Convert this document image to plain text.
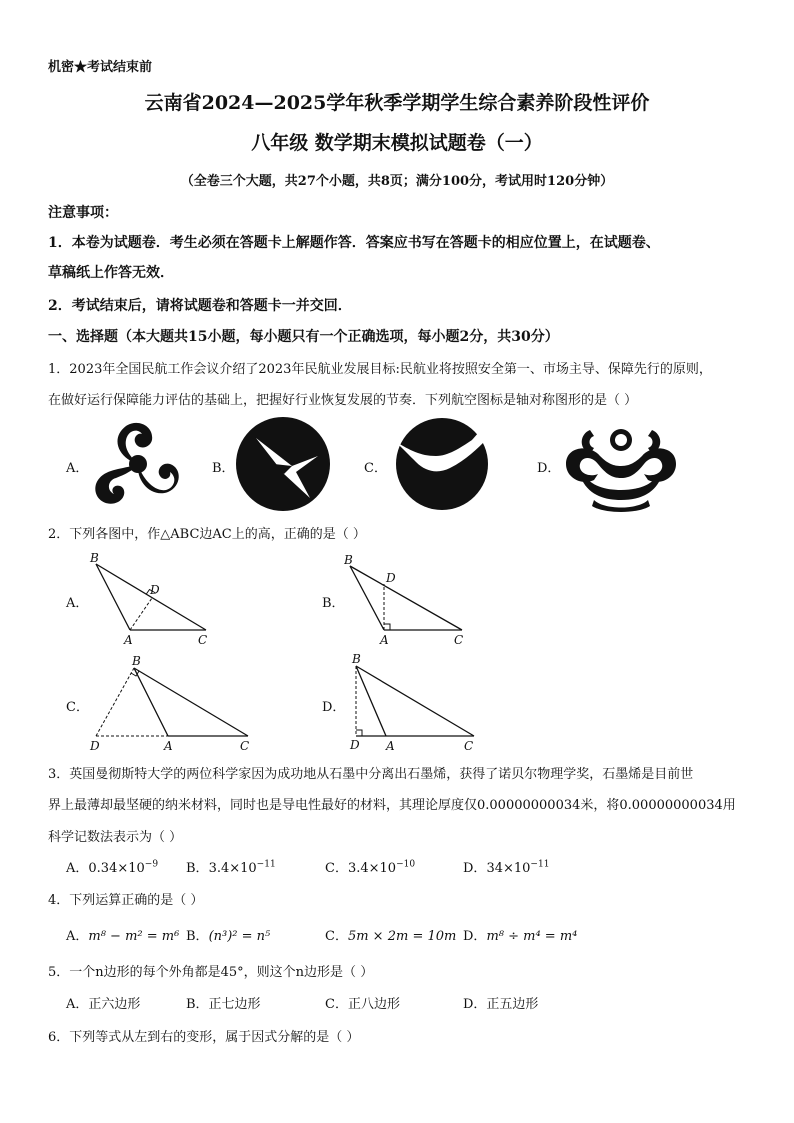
机密★考试结束前
云南省2024—2025学年秋季学期学生综合素养阶段性评价
八年级 数学期末模拟试题卷（一）
（全卷三个大题，共27个小题，共8页；满分100分，考试用时120分钟）
注意事项：
1．本卷为试题卷．考生必须在答题卡上解题作答．答案应书写在答题卡的相应位置上，在试题卷、
草稿纸上作答无效．
2．考试结束后，请将试题卷和答题卡一并交回．
一、选择题（本大题共15小题，每小题只有一个正确选项，每小题2分，共30分）
1．2023年全国民航工作会议介绍了2023年民航业发展目标:民航业将按照安全第一、市场主导、保障先行的原则，
在做好运行保障能力评估的基础上，把握好行业恢复发展的节奏．下列航空图标是轴对称图形的是（ ）
A．	B．	C．	D．
2．下列各图中，作△ABC边AC上的高，正确的是（ ）
A．
B
D
A	C
B．
B
D
A	C
C．
B
D	A	C
D．
B
D A	C
3．英国曼彻斯特大学的两位科学家因为成功地从石墨中分离出石墨烯，获得了诺贝尔物理学奖，石墨烯是目前世
界上最薄却最坚硬的纳米材料，同时也是导电性最好的材料，其理论厚度仅0.00000000034米，将0.00000000034用
科学记数法表示为（ ）
A．$0.34\times 10^{-9}$ B．$3.4\times 10^{-11}$	C．$3.4\times 10^{-10}$	D．$34\times 10^{-11}$
4．下列运算正确的是（ ）
A．m⁸ − m² = m⁶ B．(n³)² = n⁵	C．5m × 2m = 10m D．m⁸ ÷ m⁴ = m⁴
5．一个n边形的每个外角都是45°，则这个n边形是（ ）
A．正六边形	B．正七边形	C．正八边形	D．正五边形
6．下列等式从左到右的变形，属于因式分解的是（ ）
